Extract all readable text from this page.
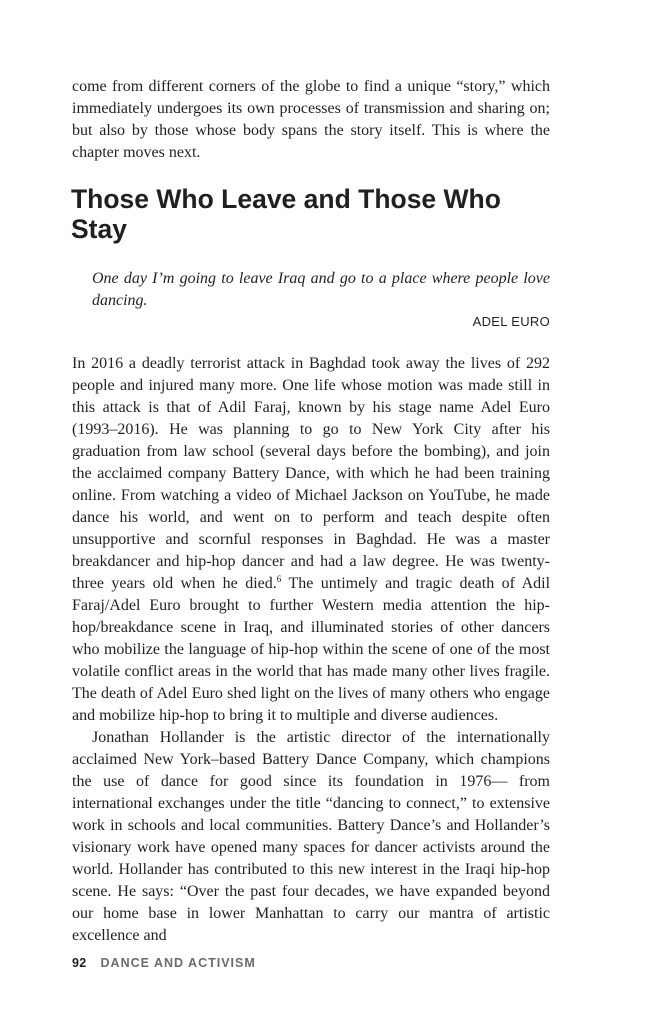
come from different corners of the globe to find a unique “story,” which immediately undergoes its own processes of transmission and sharing on; but also by those whose body spans the story itself. This is where the chapter moves next.

Those Who Leave and Those Who Stay

One day I’m going to leave Iraq and go to a place where people love dancing.

ADEL EURO

In 2016 a deadly terrorist attack in Baghdad took away the lives of 292 people and injured many more. One life whose motion was made still in this attack is that of Adil Faraj, known by his stage name Adel Euro (1993–2016). He was planning to go to New York City after his graduation from law school (several days before the bombing), and join the acclaimed company Battery Dance, with which he had been training online. From watching a video of Michael Jackson on YouTube, he made dance his world, and went on to perform and teach despite often unsupportive and scornful responses in Baghdad. He was a master breakdancer and hip-hop dancer and had a law degree. He was twenty-three years old when he died.$^6$ The untimely and tragic death of Adil Faraj/Adel Euro brought to further Western media attention the hip-hop/breakdance scene in Iraq, and illuminated stories of other dancers who mobilize the language of hip-hop within the scene of one of the most volatile conflict areas in the world that has made many other lives fragile. The death of Adel Euro shed light on the lives of many others who engage and mobilize hip-hop to bring it to multiple and diverse audiences.

Jonathan Hollander is the artistic director of the internationally acclaimed New York–based Battery Dance Company, which champions the use of dance for good since its foundation in 1976— from international exchanges under the title “dancing to connect,” to extensive work in schools and local communities. Battery Dance’s and Hollander’s visionary work have opened many spaces for dancer activists around the world. Hollander has contributed to this new interest in the Iraqi hip-hop scene. He says: “Over the past four decades, we have expanded beyond our home base in lower Manhattan to carry our mantra of artistic excellence and

92 DANCE AND ACTIVISM
